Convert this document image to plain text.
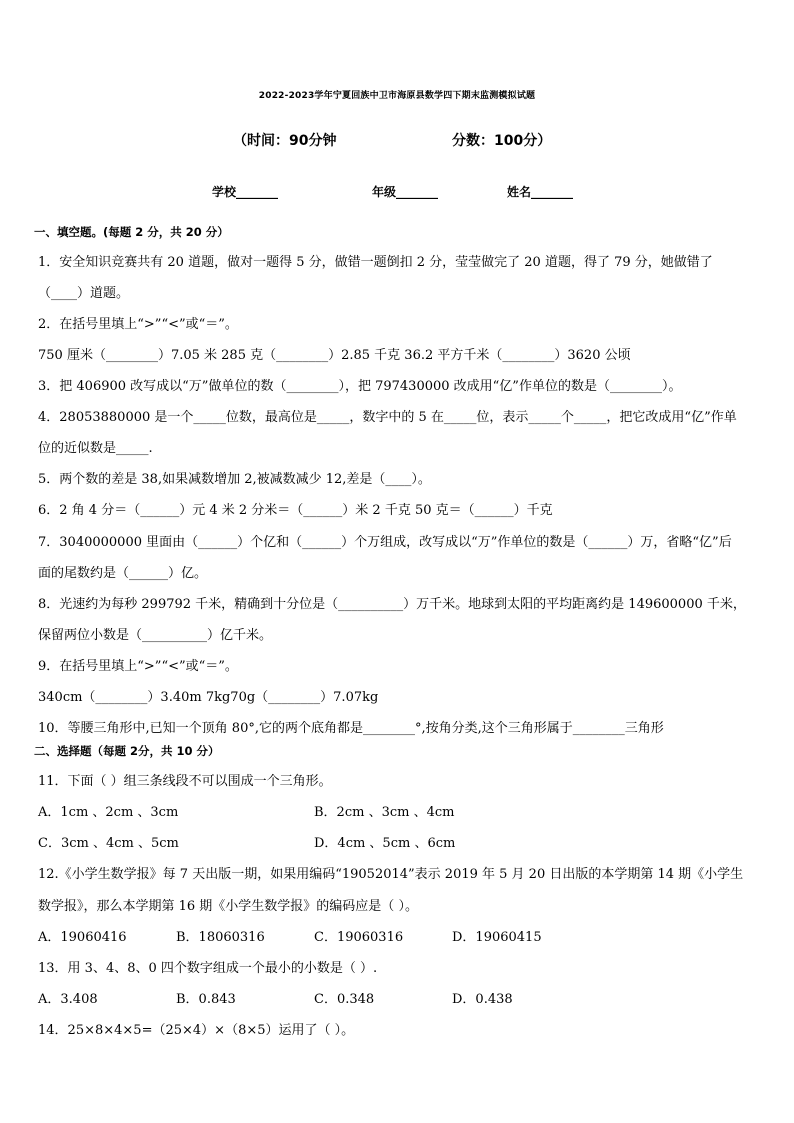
2022-2023学年宁夏回族中卫市海原县数学四下期末监测模拟试题
（时间：90分钟	分数：100分）
学校_______	年级_______	姓名_______
一、填空题。(每题 2 分，共 20 分）
1．安全知识竞赛共有 20 道题，做对一题得 5 分，做错一题倒扣 2 分，莹莹做完了 20 道题，得了 79 分，她做错了
（____）道题。
2．在括号里填上“>”“<”或“＝”。
750 厘米（________）7.05 米 285 克（________）2.85 千克 36.2 平方千米（________）3620 公顷
3．把 406900 改写成以“万”做单位的数（________），把 797430000 改成用“亿”作单位的数是（________）。
4．28053880000 是一个_____位数，最高位是_____，数字中的 5 在_____位，表示_____个_____，把它改成用“亿”作单
位的近似数是_____.
5．两个数的差是 38,如果减数增加 2,被减数减少 12,差是（____）。
6．2 角 4 分＝（______）元 4 米 2 分米＝（______）米 2 千克 50 克＝（______）千克
7．3040000000 里面由（______）个亿和（______）个万组成，改写成以“万”作单位的数是（______）万，省略“亿”后
面的尾数约是（______）亿。
8．光速约为每秒 299792 千米，精确到十分位是（__________）万千米。地球到太阳的平均距离约是 149600000 千米，
保留两位小数是（__________）亿千米。
9．在括号里填上“>”“<”或“＝”。
340cm（________）3.40m 7kg70g（________）7.07kg
10．等腰三角形中,已知一个顶角 80°,它的两个底角都是________°,按角分类,这个三角形属于________三角形
二、选择题（每题 2分，共 10 分）
11．下面（ ）组三条线段不可以围成一个三角形。
A．1cm 、2cm 、3cm	B．2cm 、3cm 、4cm
C．3cm 、4cm 、5cm	D．4cm 、5cm 、6cm
12.《小学生数学报》每 7 天出版一期，如果用编码“19052014”表示 2019 年 5 月 20 日出版的本学期第 14 期《小学生
数学报》，那么本学期第 16 期《小学生数学报》的编码应是（ ）。
A．19060416	B．18060316	C．19060316	D．19060415
13．用 3、4、8、0 四个数字组成一个最小的小数是（ ）.
A．3.408	B．0.843	C．0.348	D．0.438
14．25×8×4×5=（25×4）×（8×5）运用了（ ）。
